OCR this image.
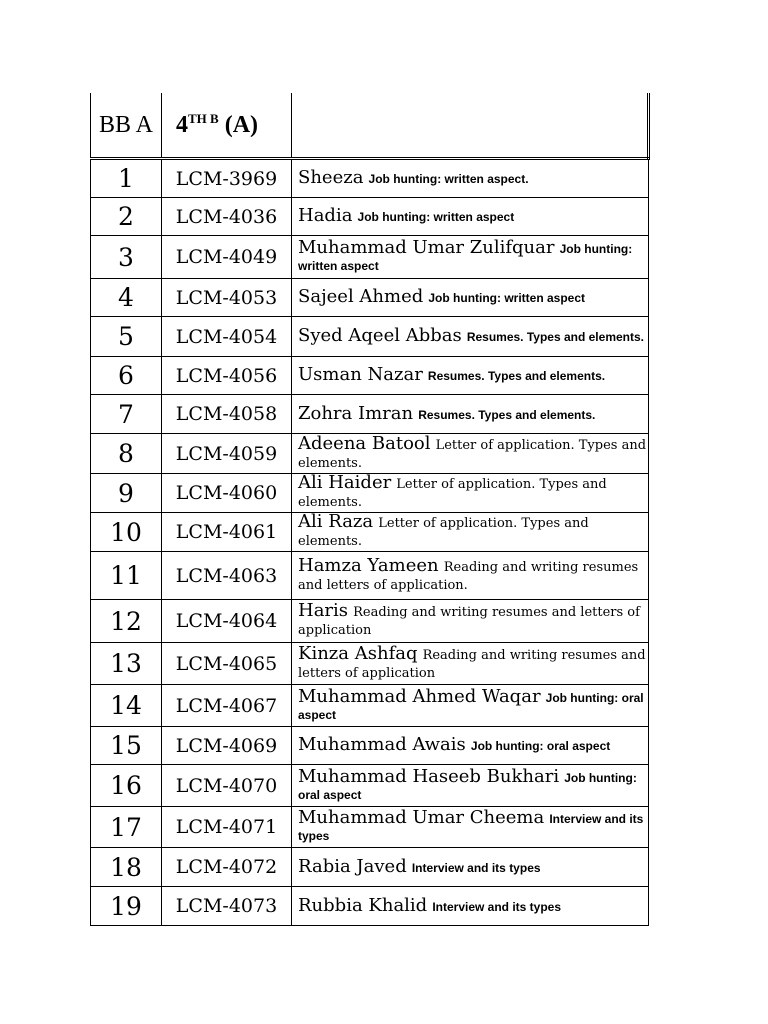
BB A	$4^{TH B}$ (A)	
1	LCM-3969	Sheeza Job hunting: written aspect.
2	LCM-4036	Hadia Job hunting: written aspect
3	LCM-4049	Muhammad Umar Zulifquar Job hunting: written aspect
4	LCM-4053	Sajeel Ahmed Job hunting: written aspect
5	LCM-4054	Syed Aqeel Abbas Resumes. Types and elements.
6	LCM-4056	Usman Nazar Resumes. Types and elements.
7	LCM-4058	Zohra Imran Resumes. Types and elements.
8	LCM-4059	Adeena Batool Letter of application. Types and elements.
9	LCM-4060	Ali Haider Letter of application. Types and elements.
10	LCM-4061	Ali Raza Letter of application. Types and elements.
11	LCM-4063	Hamza Yameen Reading and writing resumes and letters of application.
12	LCM-4064	Haris Reading and writing resumes and letters of application
13	LCM-4065	Kinza Ashfaq Reading and writing resumes and letters of application
14	LCM-4067	Muhammad Ahmed Waqar Job hunting: oral aspect
15	LCM-4069	Muhammad Awais Job hunting: oral aspect
16	LCM-4070	Muhammad Haseeb Bukhari Job hunting: oral aspect
17	LCM-4071	Muhammad Umar Cheema Interview and its types
18	LCM-4072	Rabia Javed Interview and its types
19	LCM-4073	Rubbia Khalid Interview and its types
